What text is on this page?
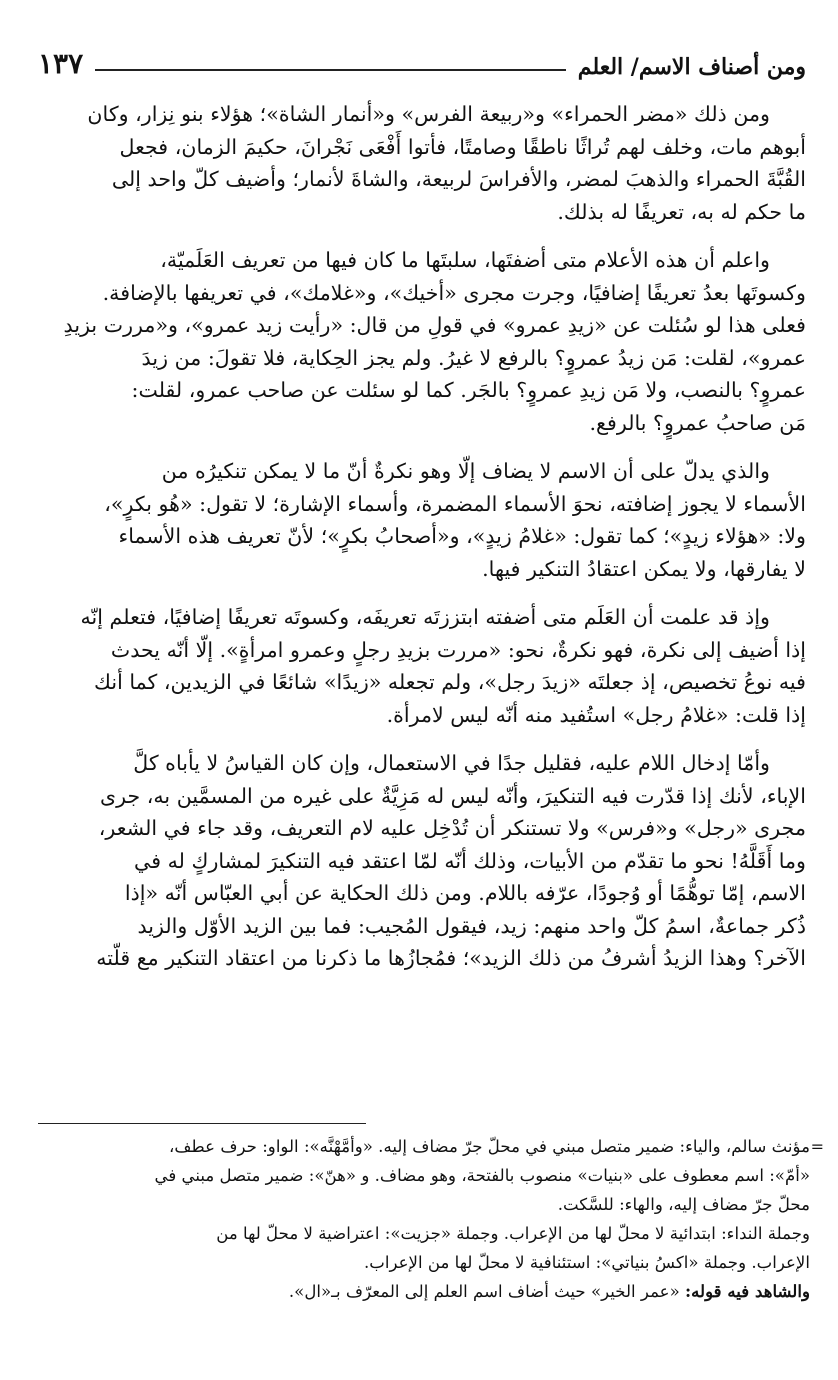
ومن أصناف الاسم/ العلم
١٣٧

ومن ذلك «مضر الحمراء» و«ربيعة الفرس» و«أنمار الشاة»؛ هؤلاء بنو نِزار، وكان
أبوهم مات، وخلف لهم تُراثًا ناطقًا وصامتًا، فأتوا أَفْعَى نَجْرانَ، حكيمَ الزمان، فجعل
القُبَّةَ الحمراء والذهبَ لمضر، والأفراسَ لربيعة، والشاةَ لأنمار؛ وأضيف كلّ واحد إلى
ما حكم له به، تعريفًا له بذلك.

واعلم أن هذه الأعلام متى أضفتَها، سلبتَها ما كان فيها من تعريف العَلَميّة،
وكسوتَها بعدُ تعريفًا إضافيًا، وجرت مجرى «أخيك»، و«غلامك»، في تعريفها بالإضافة.
فعلى هذا لو سُئلت عن «زيدِ عمرو» في قولِ من قال: «رأيت زيد عمرو»، و«مررت بزيدِ
عمرو»، لقلت: مَن زيدُ عمروٍ؟ بالرفع لا غيرُ. ولم يجز الحِكاية، فلا تقولَ: من زيدَ
عمروٍ؟ بالنصب، ولا مَن زيدِ عمروٍ؟ بالجَر. كما لو سئلت عن صاحب عمرو، لقلت:
مَن صاحبُ عمروٍ؟ بالرفع.

والذي يدلّ على أن الاسم لا يضاف إلّا وهو نكرةٌ أنّ ما لا يمكن تنكيرُه من
الأسماء لا يجوز إضافته، نحوَ الأسماء المضمرة، وأسماء الإشارة؛ لا تقول: «هُو بكرٍ»،
ولا: «هؤلاء زيدٍ»؛ كما تقول: «غلامُ زيدٍ»، و«أصحابُ بكرٍ»؛ لأنّ تعريف هذه الأسماء
لا يفارقها، ولا يمكن اعتقادُ التنكير فيها.

وإذ قد علمت أن العَلَم متى أضفته ابتززتَه تعريفَه، وكسوتَه تعريفًا إضافيًا، فتعلم إنّه
إذا أضيف إلى نكرة، فهو نكرةٌ، نحو: «مررت بزيدِ رجلٍ وعمرو امرأةٍ». إلّا أنّه يحدث
فيه نوعُ تخصيص، إذ جعلتَه «زيدَ رجل»، ولم تجعله «زيدًا» شائعًا في الزيدين، كما أنك
إذا قلت: «غلامُ رجل» استُفيد منه أنّه ليس لامرأة.

وأمّا إدخال اللام عليه، فقليل جدًا في الاستعمال، وإن كان القياسُ لا يأباه كلَّ
الإباء، لأنك إذا قدّرت فيه التنكيرَ، وأنّه ليس له مَزِيَّةٌ على غيره من المسمَّين به، جرى
مجرى «رجل» و«فرس» ولا تستنكر أن تُدْخِل عليه لام التعريف، وقد جاء في الشعر،
وما أَقَلَّهُ! نحو ما تقدّم من الأبيات، وذلك أنّه لمّا اعتقد فيه التنكيرَ لمشاركٍ له في
الاسم، إمّا توهُّمًا أو وُجودًا، عرّفه باللام. ومن ذلك الحكاية عن أبي العبّاس أنّه «إذا
ذُكر جماعةٌ، اسمُ كلّ واحد منهم: زيد، فيقول المُجيب: فما بين الزيد الأوّل والزيد
الآخر؟ وهذا الزيدُ أشرفُ من ذلك الزيد»؛ فمُجازُها ما ذكرنا من اعتقاد التنكير مع قلّته

=
مؤنث سالم، والياء: ضمير متصل مبني في محلّ جرّ مضاف إليه. «وأمَّهْنَّه»: الواو: حرف عطف،
«أمّ»: اسم معطوف على «بنيات» منصوب بالفتحة، وهو مضاف. و «هنّ»: ضمير متصل مبني في
محلّ جرّ مضاف إليه، والهاء: للسَّكت.

وجملة النداء: ابتدائية لا محلّ لها من الإعراب. وجملة «جزيت»: اعتراضية لا محلّ لها من
الإعراب. وجملة «اكسُ بنياتي»: استئنافية لا محلّ لها من الإعراب.

والشاهد فيه قوله: «عمر الخير» حيث أضاف اسم العلم إلى المعرّف بـ«ال».
